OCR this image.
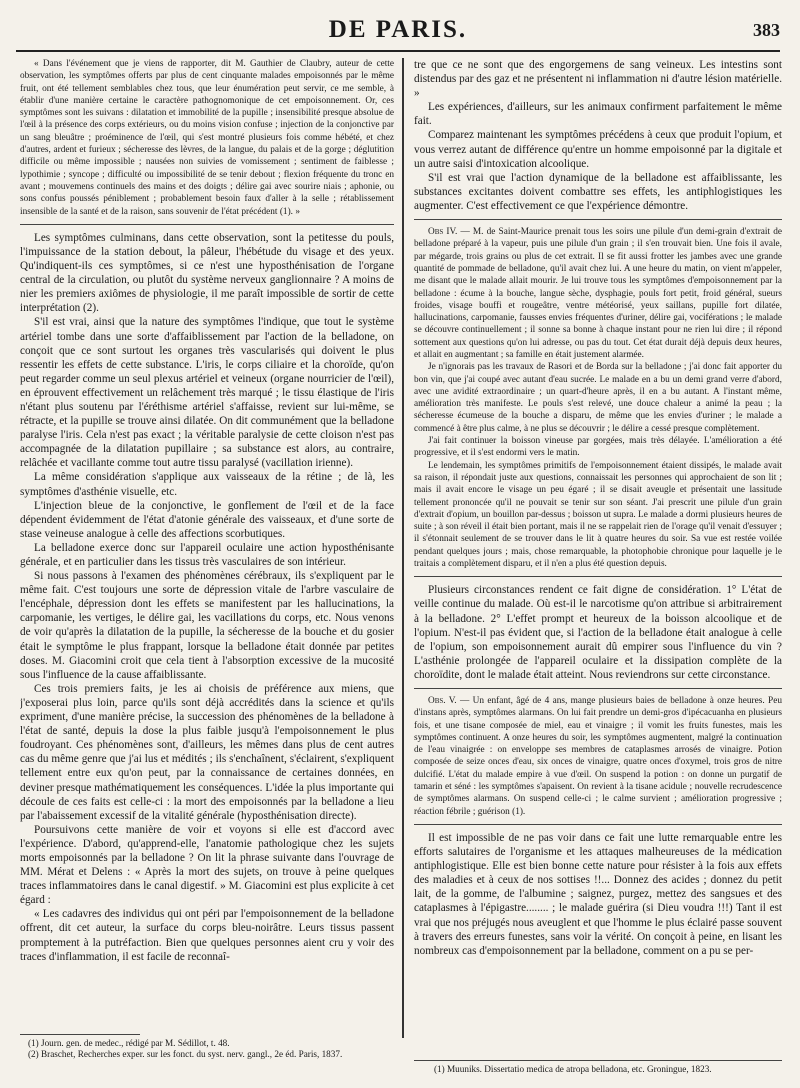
DE PARIS.	383

« Dans l'événement que je viens de rapporter, dit M. Gauthier de Claubry, auteur de cette observation, les symptômes offerts par plus de cent cinquante malades empoisonnés par le même fruit, ont été tellement semblables chez tous, que leur énumération peut servir, ce me semble, à établir d'une manière certaine le caractère pathognomonique de cet empoisonnement. Or, ces symptômes sont les suivans : dilatation et immobilité de la pupille ; insensibilité presque absolue de l'œil à la présence des corps extérieurs, ou du moins vision confuse ; injection de la conjonctive par un sang bleuâtre ; proéminence de l'œil, qui s'est montré plusieurs fois comme hébété, et chez d'autres, ardent et furieux ; sécheresse des lèvres, de la langue, du palais et de la gorge ; déglutition difficile ou même impossible ; nausées non suivies de vomissement ; sentiment de faiblesse ; lypothimie ; syncope ; difficulté ou impossibilité de se tenir debout ; flexion fréquente du tronc en avant ; mouvemens continuels des mains et des doigts ; délire gai avec sourire niais ; aphonie, ou sons confus poussés péniblement ; probablement besoin faux d'aller à la selle ; rétablissement insensible de la santé et de la raison, sans souvenir de l'état précédent (1). »

Les symptômes culminans, dans cette observation, sont la petitesse du pouls, l'impuissance de la station debout, la pâleur, l'hébétude du visage et des yeux. Qu'indiquent-ils ces symptômes, si ce n'est une hyposthénisation de l'organe central de la circulation, ou plutôt du système nerveux ganglionnaire ? A moins de nier les premiers axiômes de physiologie, il me paraît impossible de sortir de cette interprétation (2).

S'il est vrai, ainsi que la nature des symptômes l'indique, que tout le système artériel tombe dans une sorte d'affaiblissement par l'action de la belladone, on conçoit que ce sont surtout les organes très vascularisés qui doivent le plus ressentir les effets de cette substance. L'iris, le corps ciliaire et la choroïde, qu'on peut regarder comme un seul plexus artériel et veineux (organe nourricier de l'œil), en éprouvent effectivement un relâchement très marqué ; le tissu élastique de l'iris n'étant plus soutenu par l'éréthisme artériel s'affaisse, revient sur lui-même, se rétracte, et la pupille se trouve ainsi dilatée. On dit communément que la belladone paralyse l'iris. Cela n'est pas exact ; la véritable paralysie de cette cloison n'est pas accompagnée de la dilatation pupillaire ; sa substance est alors, au contraire, relâchée et vacillante comme tout autre tissu paralysé (vacillation irienne).

La même considération s'applique aux vaisseaux de la rétine ; de là, les symptômes d'asthénie visuelle, etc.

L'injection bleue de la conjonctive, le gonflement de l'œil et de la face dépendent évidemment de l'état d'atonie générale des vaisseaux, et d'une sorte de stase veineuse analogue à celle des affections scorbutiques.

La belladone exerce donc sur l'appareil oculaire une action hyposthénisante générale, et en particulier dans les tissus très vasculaires de son intérieur.

Si nous passons à l'examen des phénomènes cérébraux, ils s'expliquent par le même fait. C'est toujours une sorte de dépression vitale de l'arbre vasculaire de l'encéphale, dépression dont les effets se manifestent par les hallucinations, la carpomanie, les vertiges, le délire gai, les vacillations du corps, etc. Nous venons de voir qu'après la dilatation de la pupille, la sécheresse de la bouche et du gosier était le symptôme le plus frappant, lorsque la belladone était donnée par petites doses. M. Giacomini croit que cela tient à l'absorption excessive de la mucosité sous l'influence de la cause affaiblissante.

Ces trois premiers faits, je les ai choisis de préférence aux miens, que j'exposerai plus loin, parce qu'ils sont déjà accrédités dans la science et qu'ils expriment, d'une manière précise, la succession des phénomènes de la belladone à l'état de santé, depuis la dose la plus faible jusqu'à l'empoisonnement le plus foudroyant. Ces phénomènes sont, d'ailleurs, les mêmes dans plus de cent autres cas du même genre que j'ai lus et médités ; ils s'enchaînent, s'éclairent, s'expliquent tellement entre eux qu'on peut, par la connaissance de certaines données, en deviner presque mathématiquement les conséquences. L'idée la plus importante qui découle de ces faits est celle-ci : la mort des empoisonnés par la belladone a lieu par l'abaissement excessif de la vitalité générale (hyposthénisation directe).

Poursuivons cette manière de voir et voyons si elle est d'accord avec l'expérience. D'abord, qu'apprend-elle, l'anatomie pathologique chez les sujets morts empoisonnés par la belladone ? On lit la phrase suivante dans l'ouvrage de MM. Mérat et Delens : « Après la mort des sujets, on trouve à peine quelques traces inflammatoires dans le canal digestif. » M. Giacomini est plus explicite à cet égard :

« Les cadavres des individus qui ont péri par l'empoisonnement de la belladone offrent, dit cet auteur, la surface du corps bleu-noirâtre. Leurs tissus passent promptement à la putréfaction. Bien que quelques personnes aient cru y voir des traces d'inflammation, il est facile de reconnaî-

tre que ce ne sont que des engorgemens de sang veineux. Les intestins sont distendus par des gaz et ne présentent ni inflammation ni d'autre lésion matérielle. »

Les expériences, d'ailleurs, sur les animaux confirment parfaitement le même fait.

Comparez maintenant les symptômes précédens à ceux que produit l'opium, et vous verrez autant de différence qu'entre un homme empoisonné par la digitale et un autre saisi d'intoxication alcoolique.

S'il est vrai que l'action dynamique de la belladone est affaiblissante, les substances excitantes doivent combattre ses effets, les antiphlogistiques les augmenter. C'est effectivement ce que l'expérience démontre.

Obs IV. — M. de Saint-Maurice prenait tous les soirs une pilule d'un demi-grain d'extrait de belladone préparé à la vapeur, puis une pilule d'un grain ; il s'en trouvait bien. Une fois il avale, par mégarde, trois grains ou plus de cet extrait. Il se fit aussi frotter les jambes avec une grande quantité de pommade de belladone, qu'il avait chez lui. A une heure du matin, on vient m'appeler, me disant que le malade allait mourir. Je lui trouve tous les symptômes d'empoisonnement par la belladone : écume à la bouche, langue sèche, dysphagie, pouls fort petit, froid général, sueurs froides, visage bouffi et rougeâtre, ventre météorisé, yeux saillans, pupille fort dilatée, hallucinations, carpomanie, fausses envies fréquentes d'uriner, délire gai, vociférations ; le malade se découvre continuellement ; il sonne sa bonne à chaque instant pour ne rien lui dire ; il répond sottement aux questions qu'on lui adresse, ou pas du tout. Cet état durait déjà depuis deux heures, et allait en augmentant ; sa famille en était justement alarmée.

Je n'ignorais pas les travaux de Rasori et de Borda sur la belladone ; j'ai donc fait apporter du bon vin, que j'ai coupé avec autant d'eau sucrée. Le malade en a bu un demi grand verre d'abord, avec une avidité extraordinaire ; un quart-d'heure après, il en a bu autant. A l'instant même, amélioration très manifeste. Le pouls s'est relevé, une douce chaleur a animé la peau ; la sécheresse écumeuse de la bouche a disparu, de même que les envies d'uriner ; le malade a commencé à être plus calme, à ne plus se découvrir ; le délire a cessé presque complètement.

J'ai fait continuer la boisson vineuse par gorgées, mais très délayée. L'amélioration a été progressive, et il s'est endormi vers le matin.

Le lendemain, les symptômes primitifs de l'empoisonnement étaient dissipés, le malade avait sa raison, il répondait juste aux questions, connaissait les personnes qui approchaient de son lit ; mais il avait encore le visage un peu égaré ; il se disait aveugle et présentait une lassitude tellement prononcée qu'il ne pouvait se tenir sur son séant. J'ai prescrit une pilule d'un grain d'extrait d'opium, un bouillon par-dessus ; boisson ut supra. Le malade a dormi plusieurs heures de suite ; à son réveil il était bien portant, mais il ne se rappelait rien de l'orage qu'il venait d'essuyer ; il s'étonnait seulement de se trouver dans le lit à quatre heures du soir. Sa vue est restée voilée pendant quelques jours ; mais, chose remarquable, la photophobie chronique pour laquelle je le traitais a complètement disparu, et il n'en a plus été question depuis.

Plusieurs circonstances rendent ce fait digne de considération. 1° L'état de veille continue du malade. Où est-il le narcotisme qu'on attribue si arbitrairement à la belladone. 2° L'effet prompt et heureux de la boisson alcoolique et de l'opium. N'est-il pas évident que, si l'action de la belladone était analogue à celle de l'opium, son empoisonnement aurait dû empirer sous l'influence du vin ? L'asthénie prolongée de l'appareil oculaire et la dissipation complète de la choroïdite, dont le malade était atteint. Nous reviendrons sur cette circonstance.

Obs. V. — Un enfant, âgé de 4 ans, mange plusieurs baies de belladone à onze heures. Peu d'instans après, symptômes alarmans. On lui fait prendre un demi-gros d'ipécacuanha en plusieurs fois, et une tisane composée de miel, eau et vinaigre ; il vomit les fruits funestes, mais les symptômes continuent. A onze heures du soir, les symptômes augmentent, malgré la continuation de l'eau vinaigrée : on enveloppe ses membres de cataplasmes arrosés de vinaigre. Potion composée de seize onces d'eau, six onces de vinaigre, quatre onces d'oxymel, trois gros de nitre dulcifié. L'état du malade empire à vue d'œil. On suspend la potion : on donne un purgatif de tamarin et séné : les symptômes s'apaisent. On revient à la tisane acidule ; nouvelle recrudescence de symptômes alarmans. On suspend celle-ci ; le calme survient ; amélioration progressive ; réaction fébrile ; guérison (1).

Il est impossible de ne pas voir dans ce fait une lutte remarquable entre les efforts salutaires de l'organisme et les attaques malheureuses de la médication antiphlogistique. Elle est bien bonne cette nature pour résister à la fois aux effets des maladies et à ceux de nos sottises !!... Donnez des acides ; donnez du petit lait, de la gomme, de l'albumine ; saignez, purgez, mettez des sangsues et des cataplasmes à l'épigastre........ ; le malade guérira (si Dieu voudra !!!) Tant il est vrai que nos préjugés nous aveuglent et que l'homme le plus éclairé passe souvent à travers des erreurs funestes, sans voir la vérité. On conçoit à peine, en lisant les nombreux cas d'empoisonnement par la belladone, comment on a pu se per-

(1) Journ. gen. de medec., rédigé par M. Sédillot, t. 48.

(2) Braschet, Recherches exper. sur les fonct. du syst. nerv. gangl., 2e éd. Paris, 1837.

(1) Muuniks. Dissertatio medica de atropa belladona, etc. Groningue, 1823.
